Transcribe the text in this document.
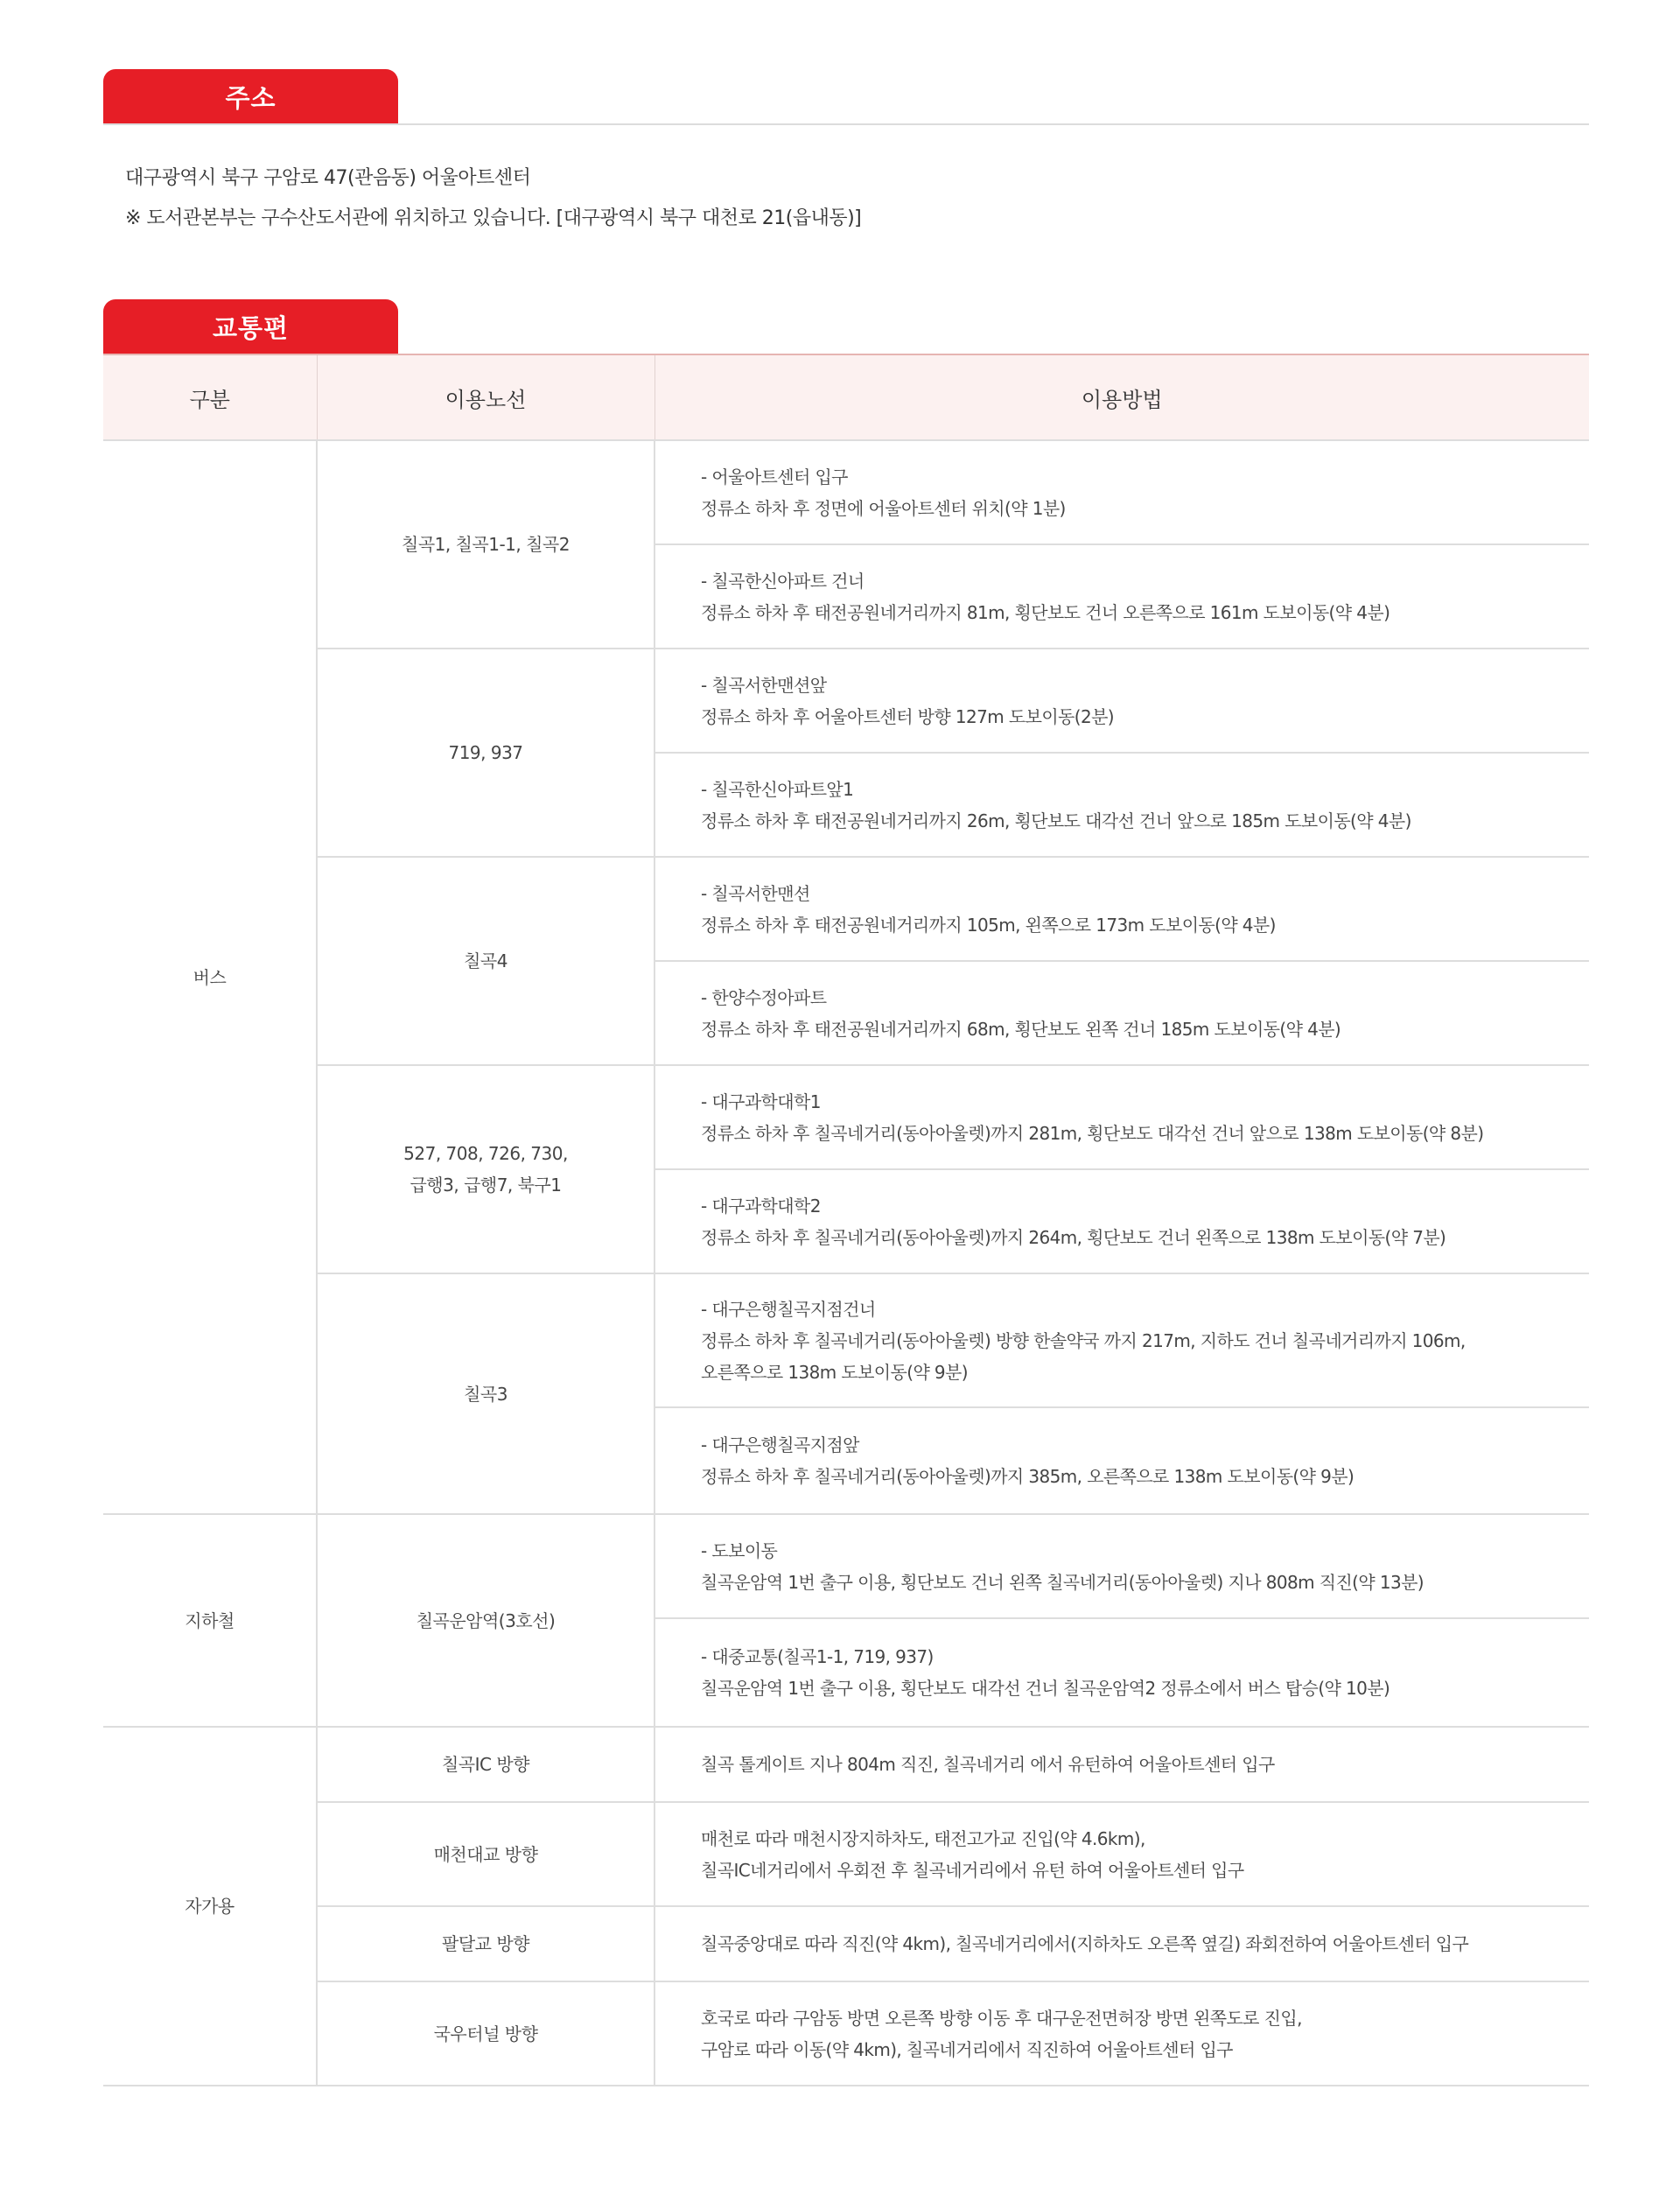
주소
대구광역시 북구 구암로 47(관음동) 어울아트센터
※ 도서관본부는 구수산도서관에 위치하고 있습니다. [대구광역시 북구 대천로 21(읍내동)]
교통편
구분	이용노선	이용방법
버스	칠곡1, 칠곡1-1, 칠곡2	- 어울아트센터 입구
정류소 하차 후 정면에 어울아트센터 위치(약 1분)

		- 칠곡한신아파트 건너
정류소 하차 후 태전공원네거리까지 81m, 횡단보도 건너 오른쪽으로 161m 도보이동(약 4분)

	719, 937	- 칠곡서한맨션앞
정류소 하차 후 어울아트센터 방향 127m 도보이동(2분)

		- 칠곡한신아파트앞1
정류소 하차 후 태전공원네거리까지 26m, 횡단보도 대각선 건너 앞으로 185m 도보이동(약 4분)

	칠곡4	- 칠곡서한맨션
정류소 하차 후 태전공원네거리까지 105m, 왼쪽으로 173m 도보이동(약 4분)

		- 한양수정아파트
정류소 하차 후 태전공원네거리까지 68m, 횡단보도 왼쪽 건너 185m 도보이동(약 4분)

	527, 708, 726, 730,
급행3, 급행7, 북구1	- 대구과학대학1
정류소 하차 후 칠곡네거리(동아아울렛)까지 281m, 횡단보도 대각선 건너 앞으로 138m 도보이동(약 8분)

		- 대구과학대학2
정류소 하차 후 칠곡네거리(동아아울렛)까지 264m, 횡단보도 건너 왼쪽으로 138m 도보이동(약 7분)

	칠곡3	- 대구은행칠곡지점건너
정류소 하차 후 칠곡네거리(동아아울렛) 방향 한솔약국 까지 217m, 지하도 건너 칠곡네거리까지 106m,
오른쪽으로 138m 도보이동(약 9분)

		- 대구은행칠곡지점앞
정류소 하차 후 칠곡네거리(동아아울렛)까지 385m, 오른쪽으로 138m 도보이동(약 9분)

지하철	칠곡운암역(3호선)	- 도보이동
칠곡운암역 1번 출구 이용, 횡단보도 건너 왼쪽 칠곡네거리(동아아울렛) 지나 808m 직진(약 13분)

		- 대중교통(칠곡1-1, 719, 937)
칠곡운암역 1번 출구 이용, 횡단보도 대각선 건너 칠곡운암역2 정류소에서 버스 탑승(약 10분)

자가용	칠곡IC 방향	칠곡 톨게이트 지나 804m 직진, 칠곡네거리 에서 유턴하여 어울아트센터 입구

	매천대교 방향	매천로 따라 매천시장지하차도, 태전고가교 진입(약 4.6km),
칠곡IC네거리에서 우회전 후 칠곡네거리에서 유턴 하여 어울아트센터 입구

	팔달교 방향	칠곡중앙대로 따라 직진(약 4km), 칠곡네거리에서(지하차도 오른쪽 옆길) 좌회전하여 어울아트센터 입구

	국우터널 방향	호국로 따라 구암동 방면 오른쪽 방향 이동 후 대구운전면허장 방면 왼쪽도로 진입,
구암로 따라 이동(약 4km), 칠곡네거리에서 직진하여 어울아트센터 입구
